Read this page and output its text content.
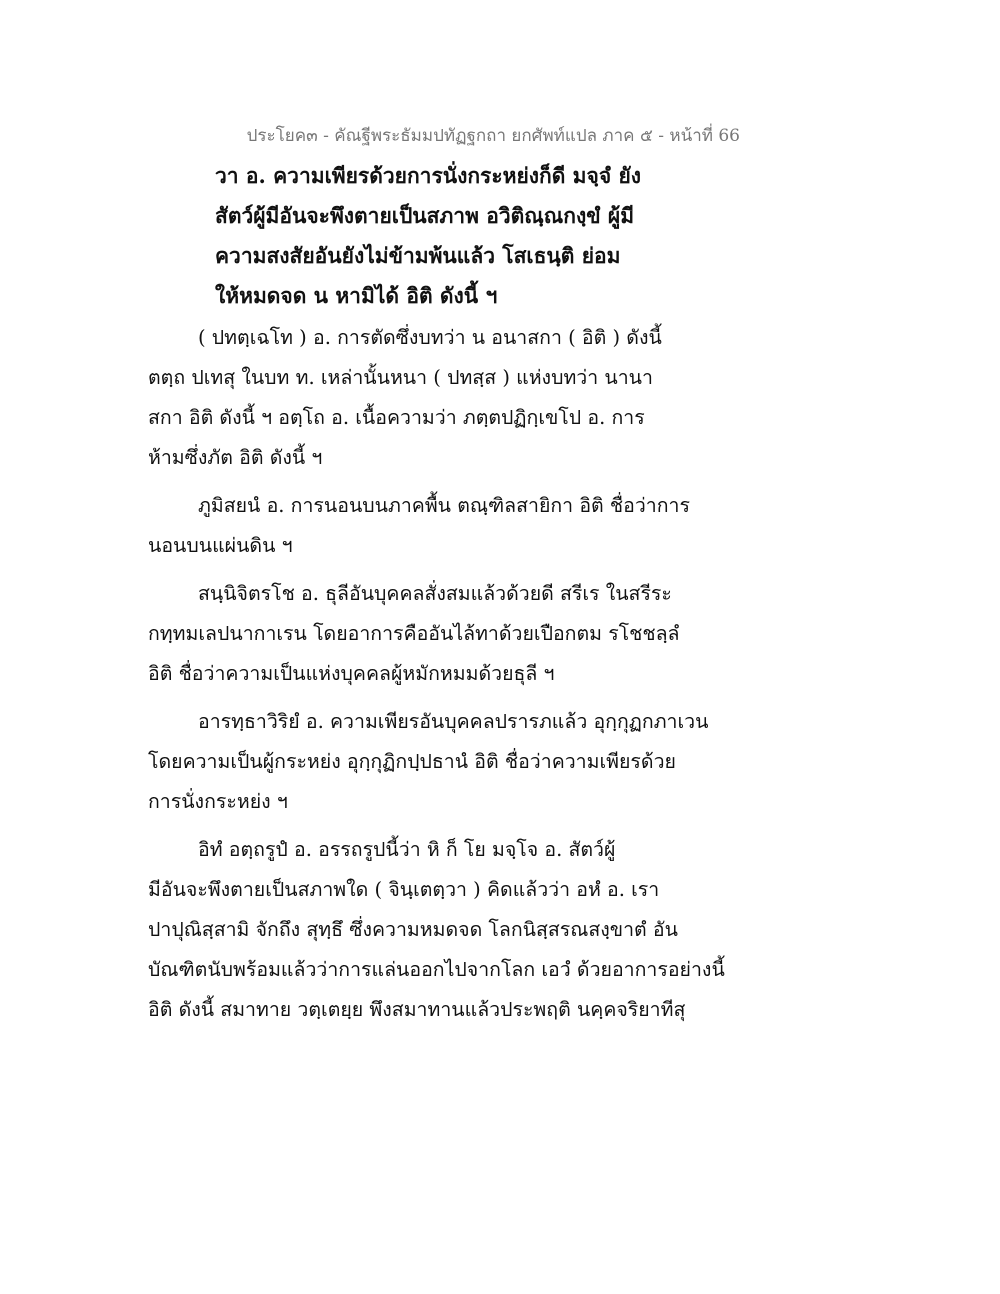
ประโยค๓ - คัณฐีพระธัมมปทัฏฐกถา ยกศัพท์แปล ภาค ๕ - หน้าที่ 66
วา อ. ความเพียรด้วยการนั่งกระหย่งก็ดี มจฺจํ ยัง
สัตว์ผู้มีอันจะพึงตายเป็นสภาพ อวิติณฺณกงฺขํ ผู้มี
ความสงสัยอันยังไม่ข้ามพ้นแล้ว โสเธนฺติ ย่อม
ให้หมดจด น หามิได้ อิติ ดังนี้ ฯ
( ปทตฺเฉโท ) อ. การตัดซึ่งบทว่า น อนาสกา ( อิติ ) ดังนี้
ตตฺถ ปเทสุ ในบท ท. เหล่านั้นหนา ( ปทสฺส ) แห่งบทว่า นานา
สกา อิติ ดังนี้ ฯ อตฺโถ อ. เนื้อความว่า ภตฺตปฏิกฺเขโป อ. การ
ห้ามซึ่งภัต อิติ ดังนี้ ฯ
ภูมิสยนํ อ. การนอนบนภาคพื้น ตณฺฑิลสายิกา อิติ ชื่อว่าการ
นอนบนแผ่นดิน ฯ
สนฺนิจิตรโช อ. ธุลีอันบุคคลสั่งสมแล้วด้วยดี สรีเร ในสรีระ
กทฺทมเลปนากาเรน โดยอาการคืออันไล้ทาด้วยเปือกตม รโชชลฺลํ
อิติ ชื่อว่าความเป็นแห่งบุคคลผู้หมักหมมด้วยธุลี ฯ
อารทฺธาวิริยํ อ. ความเพียรอันบุคคลปรารภแล้ว อุกฺกุฏกภาเวน
โดยความเป็นผู้กระหย่ง อุกฺกุฏิกปฺปธานํ อิติ ชื่อว่าความเพียรด้วย
การนั่งกระหย่ง ฯ
อิทํ อตฺถรูปํ อ. อรรถรูปนี้ว่า หิ ก็ โย มจฺโจ อ. สัตว์ผู้
มีอันจะพึงตายเป็นสภาพใด ( จินฺเตตฺวา ) คิดแล้วว่า อหํ อ. เรา
ปาปุณิสฺสามิ จักถึง สุทฺธึ ซึ่งความหมดจด โลกนิสฺสรณสงฺขาตํ อัน
บัณฑิตนับพร้อมแล้วว่าการแล่นออกไปจากโลก เอวํ ด้วยอาการอย่างนี้
อิติ ดังนี้ สมาทาย วตฺเตยฺย พึงสมาทานแล้วประพฤติ นคฺคจริยาทีสุ
